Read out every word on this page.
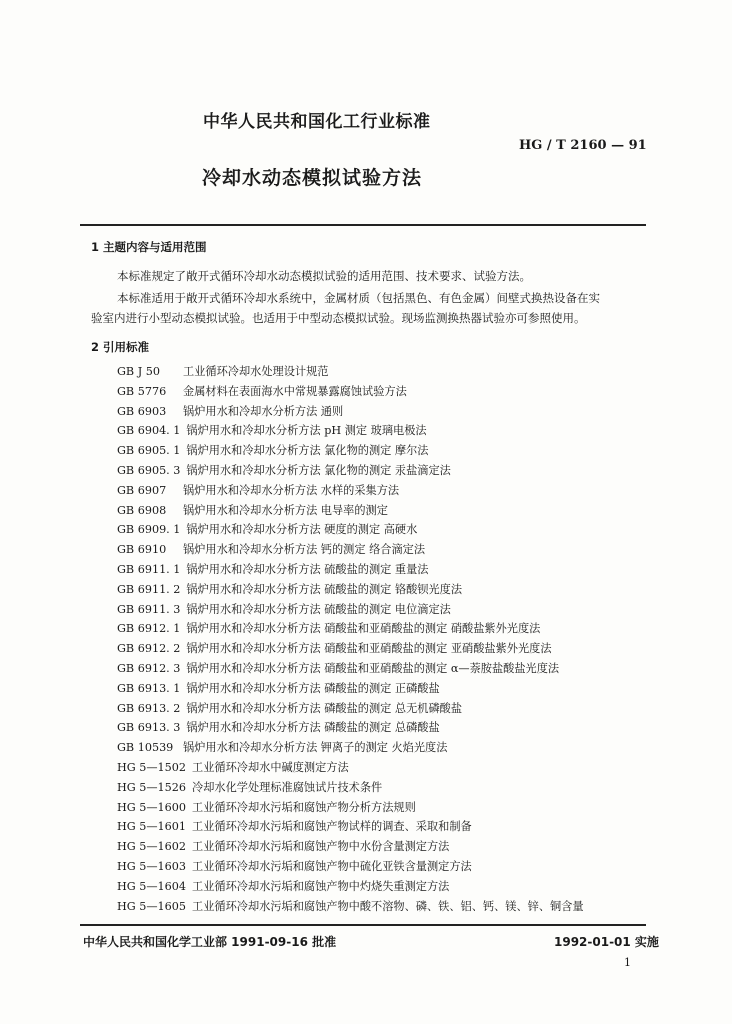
中华人民共和国化工行业标准
HG / T 2160 — 91
冷却水动态模拟试验方法
1 主题内容与适用范围
本标准规定了敞开式循环冷却水动态模拟试验的适用范围、技术要求、试验方法。
本标准适用于敞开式循环冷却水系统中，金属材质（包括黑色、有色金属）间壁式换热设备在实
验室内进行小型动态模拟试验。也适用于中型动态模拟试验。现场监测换热器试验亦可参照使用。
2 引用标准
GB J 50 工业循环冷却水处理设计规范
GB 5776 金属材料在表面海水中常规暴露腐蚀试验方法
GB 6903 锅炉用水和冷却水分析方法 通则
GB 6904. 1 锅炉用水和冷却水分析方法 pH 测定 玻璃电极法
GB 6905. 1 锅炉用水和冷却水分析方法 氯化物的测定 摩尔法
GB 6905. 3 锅炉用水和冷却水分析方法 氯化物的测定 汞盐滴定法
GB 6907 锅炉用水和冷却水分析方法 水样的采集方法
GB 6908 锅炉用水和冷却水分析方法 电导率的测定
GB 6909. 1 锅炉用水和冷却水分析方法 硬度的测定 高硬水
GB 6910 锅炉用水和冷却水分析方法 钙的测定 络合滴定法
GB 6911. 1 锅炉用水和冷却水分析方法 硫酸盐的测定 重量法
GB 6911. 2 锅炉用水和冷却水分析方法 硫酸盐的测定 铬酸钡光度法
GB 6911. 3 锅炉用水和冷却水分析方法 硫酸盐的测定 电位滴定法
GB 6912. 1 锅炉用水和冷却水分析方法 硝酸盐和亚硝酸盐的测定 硝酸盐紫外光度法
GB 6912. 2 锅炉用水和冷却水分析方法 硝酸盐和亚硝酸盐的测定 亚硝酸盐紫外光度法
GB 6912. 3 锅炉用水和冷却水分析方法 硝酸盐和亚硝酸盐的测定 α—萘胺盐酸盐光度法
GB 6913. 1 锅炉用水和冷却水分析方法 磷酸盐的测定 正磷酸盐
GB 6913. 2 锅炉用水和冷却水分析方法 磷酸盐的测定 总无机磷酸盐
GB 6913. 3 锅炉用水和冷却水分析方法 磷酸盐的测定 总磷酸盐
GB 10539 锅炉用水和冷却水分析方法 钾离子的测定 火焰光度法
HG 5—1502 工业循环冷却水中碱度测定方法
HG 5—1526 冷却水化学处理标准腐蚀试片技术条件
HG 5—1600 工业循环冷却水污垢和腐蚀产物分析方法规则
HG 5—1601 工业循环冷却水污垢和腐蚀产物试样的调查、采取和制备
HG 5—1602 工业循环冷却水污垢和腐蚀产物中水份含量测定方法
HG 5—1603 工业循环冷却水污垢和腐蚀产物中硫化亚铁含量测定方法
HG 5—1604 工业循环冷却水污垢和腐蚀产物中灼烧失重测定方法
HG 5—1605 工业循环冷却水污垢和腐蚀产物中酸不溶物、磷、铁、铝、钙、镁、锌、铜含量
中华人民共和国化学工业部 1991-09-16 批准	1992-01-01 实施
1
